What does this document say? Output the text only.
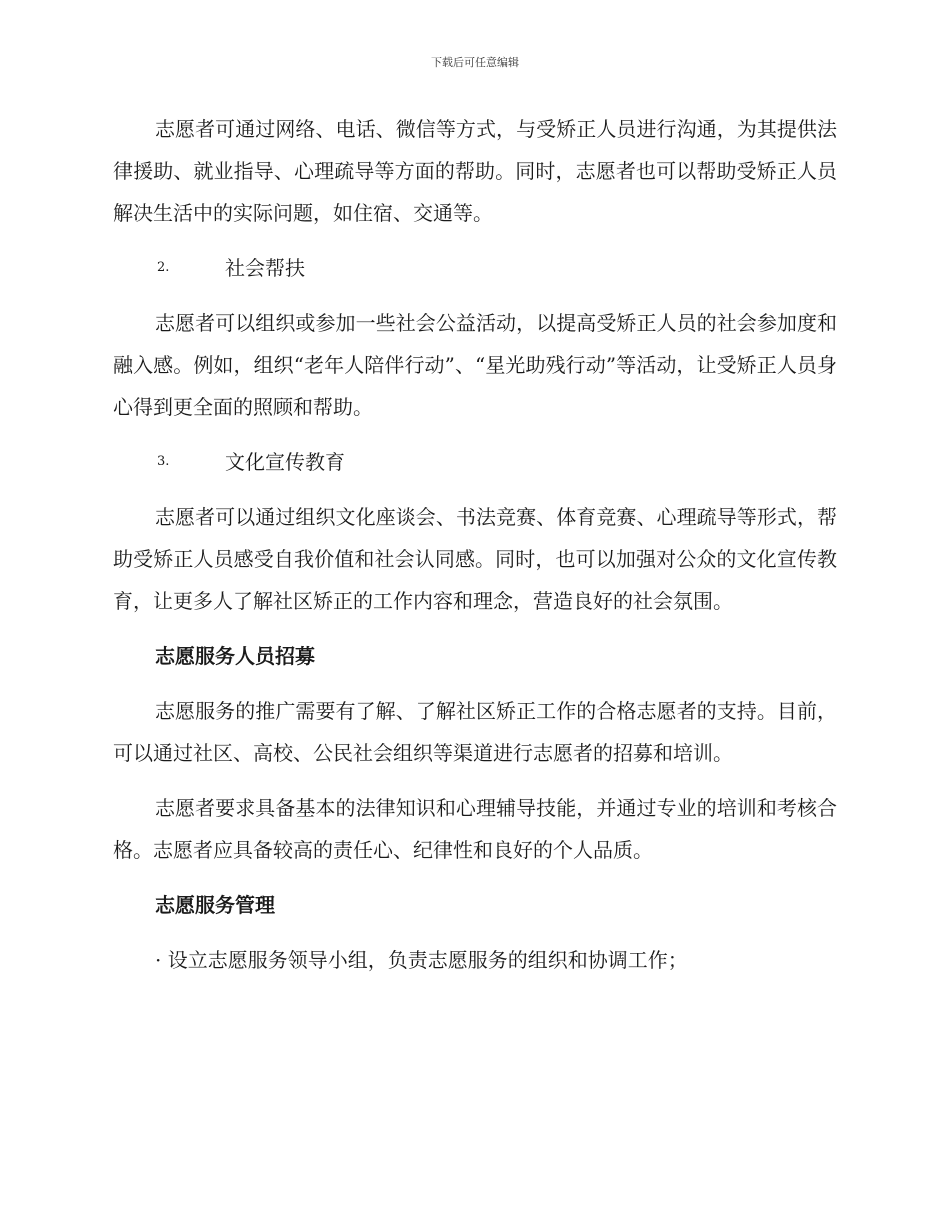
下载后可任意编辑

志愿者可通过网络、电话、微信等方式，与受矫正人员进行沟通，为其提供法律援助、就业指导、心理疏导等方面的帮助。同时，志愿者也可以帮助受矫正人员解决生活中的实际问题，如住宿、交通等。

2.	社会帮扶

志愿者可以组织或参加一些社会公益活动，以提高受矫正人员的社会参加度和融入感。例如，组织“老年人陪伴行动”、“星光助残行动”等活动，让受矫正人员身心得到更全面的照顾和帮助。

3.	文化宣传教育

志愿者可以通过组织文化座谈会、书法竞赛、体育竞赛、心理疏导等形式，帮助受矫正人员感受自我价值和社会认同感。同时，也可以加强对公众的文化宣传教育，让更多人了解社区矫正的工作内容和理念，营造良好的社会氛围。

志愿服务人员招募

志愿服务的推广需要有了解、了解社区矫正工作的合格志愿者的支持。目前，可以通过社区、高校、公民社会组织等渠道进行志愿者的招募和培训。

志愿者要求具备基本的法律知识和心理辅导技能，并通过专业的培训和考核合格。志愿者应具备较高的责任心、纪律性和良好的个人品质。

志愿服务管理

· 设立志愿服务领导小组，负责志愿服务的组织和协调工作；
